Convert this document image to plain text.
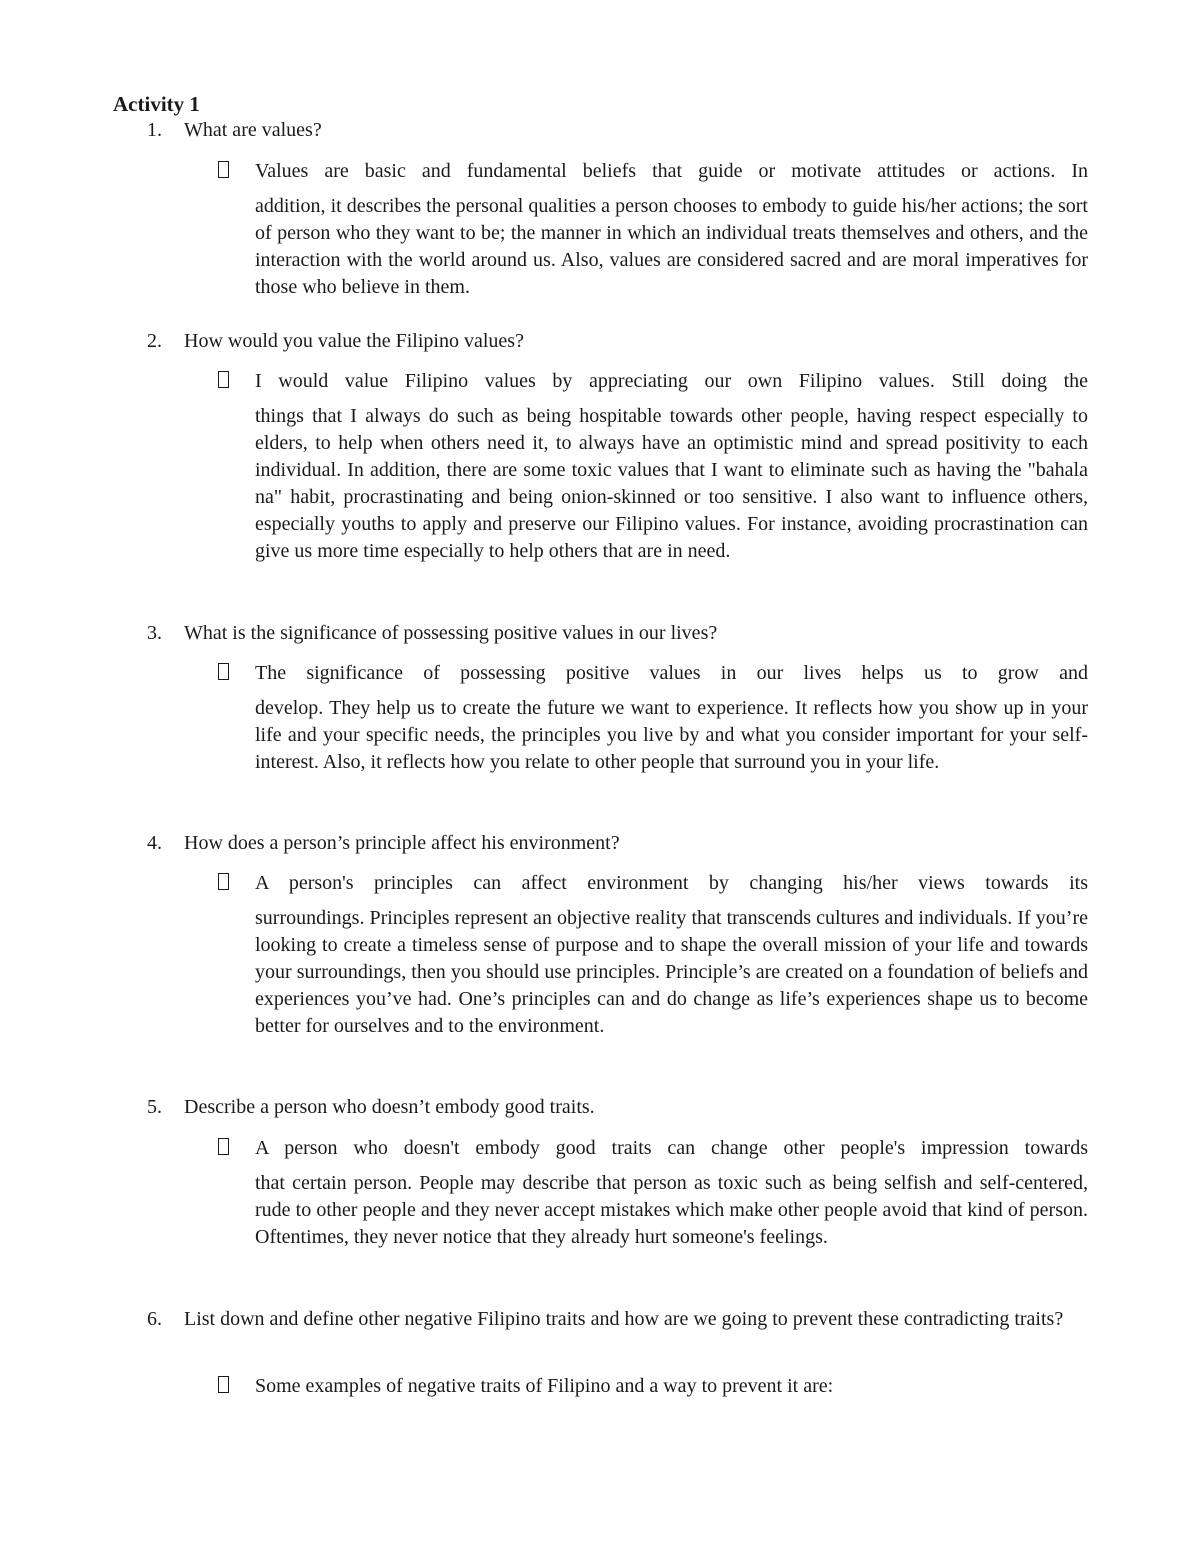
Activity 1
1. What are values?
Values are basic and fundamental beliefs that guide or motivate attitudes or actions. In
addition, it describes the personal qualities a person chooses to embody to guide his/her actions; the sort of person who they want to be; the manner in which an individual treats themselves and others, and the interaction with the world around us. Also, values are considered sacred and are moral imperatives for those who believe in them.
2. How would you value the Filipino values?
I would value Filipino values by appreciating our own Filipino values. Still doing the
things that I always do such as being hospitable towards other people, having respect especially to elders, to help when others need it, to always have an optimistic mind and spread positivity to each individual. In addition, there are some toxic values that I want to eliminate such as having the "bahala na" habit, procrastinating and being onion-skinned or too sensitive. I also want to influence others, especially youths to apply and preserve our Filipino values. For instance, avoiding procrastination can give us more time especially to help others that are in need.
3. What is the significance of possessing positive values in our lives?
The significance of possessing positive values in our lives helps us to grow and
develop. They help us to create the future we want to experience. It reflects how you show up in your life and your specific needs, the principles you live by and what you consider important for your self-interest. Also, it reflects how you relate to other people that surround you in your life.
4. How does a person’s principle affect his environment?
A person's principles can affect environment by changing his/her views towards its
surroundings. Principles represent an objective reality that transcends cultures and individuals. If you’re looking to create a timeless sense of purpose and to shape the overall mission of your life and towards your surroundings, then you should use principles. Principle’s are created on a foundation of beliefs and experiences you’ve had. One’s principles can and do change as life’s experiences shape us to become better for ourselves and to the environment.
5. Describe a person who doesn’t embody good traits.
A person who doesn't embody good traits can change other people's impression towards
that certain person. People may describe that person as toxic such as being selfish and self-centered, rude to other people and they never accept mistakes which make other people avoid that kind of person. Oftentimes, they never notice that they already hurt someone's feelings.
6. List down and define other negative Filipino traits and how are we going to prevent these contradicting traits?
Some examples of negative traits of Filipino and a way to prevent it are:
